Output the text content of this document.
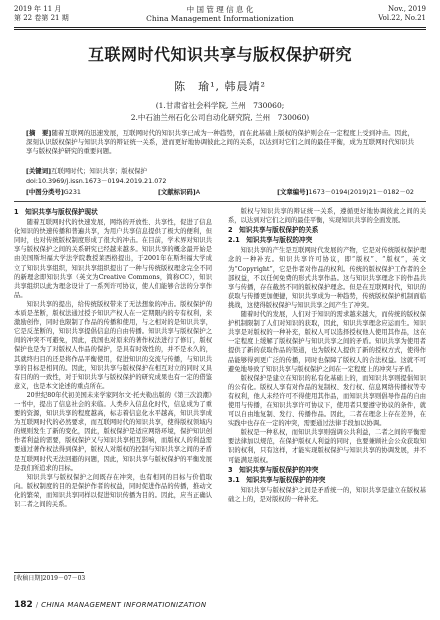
2019 年 11 月
第 22 卷第 21 期
中 国 管 理 信 息 化
China Management Informationization
Nov., 2019
Vol.22, No.21
互联网时代知识共享与版权保护研究
陈　瑜¹, 韩晨靖²
(1.甘肃省社会科学院, 兰州　730060;
2.中石油兰州石化公司自动化研究院, 兰州　730060)
[摘　要]随着互联网的迅速发展，互联网时代的知识共享已成为一种趋势，而在此基础上版权的保护则会在一定程度上受到冲击。因此，深刻认识版权保护与知识共享的辩证统一关系，进而更好地协调彼此之间的关系，以达到对它们之间的最佳平衡，成为互联网时代知识共享与版权保护研究的重要问题。
[关键词]互联网时代；知识共享；版权保护
doi:10.3969/j.issn.1673－0194.2019.21.072
[中图分类号]G231	[文献标识码]A	[文章编号]1673－0194(2019)21－0182－02
1　知识共享与版权保护现状

随着互联网时代的快速发展，网络的开放性、共享性，促进了信息化知识的快速传播和普遍共享，为用户共享信息提供了极大的便利，但同时，也对传统版权制度形成了很大的冲击。在目前，学术界对知识共享与版权保护之间的关系研究已经越来越多。知识共享的概念最开始是由美国斯坦福大学法学院教授莱西格提出，于2001年在斯坦福大学成立了知识共享组织，知识共享组织提出了一种与传统版权理念完全不同的新理念即知识共享（英文为Creative Commons，简称CC），知识共享组织以此为理念设计了一系列许可协议，使人们能够合法的分享作品。

知识共享的提出，给传统版权带来了无法想象的冲击。版权保护的本质是垄断，版权法通过授予知识产权人在一定期限内的专有权利，来激励创作，同时也限制了作品的传播和使用，与之相对的是知识共享，它是反垄断的，知识共享提倡信息的自由传播。知识共享与版权保护之间的冲突不可避免，因此，我国也对原来的著作权法进行了修订，版权保护也是为了对版权人作品的保护，是具有时效性的，并不是永久的，其就终归目的还是将作品平衡使用，促进知识的交流与传播，与知识共享的目标是相同的。因此，知识共享与版权保护在相互对立的同时又具有目的的一致性，对于知识共享与版权保护的研究成果也有一定的借鉴意义，也是本文论述的重点所在。

20世纪80年代初美国未来学家阿尔文·托夫勒出版的《第三次浪潮》一书中，提出了信息社会的来临。人类步入信息化时代，信息成为了重要的资源，知识共享的程度越高，标志着信息化水平越高，知识共享成为互联网时代的必然要求，而互联网时代的知识共享，使得版权领域内的规则发生了新的变化，因此，版权保护是适应网络环境，保护知识创作者利益的需要，版权保护又与知识共享相互影响，而版权人的利益需要通过著作权法得到保护，版权人对版权的控制与知识共享之间的矛盾是互联网时代无法回避的问题，因此，知识共享与版权保护的平衡发展是我们所追求的目标。

知识共享与版权保护之间既存在冲突，也有相同的目标与价值取向。版权制度的目的是保护作者的权益，同时促进作品的传播，推动文化的繁荣，而知识共享同样以促进知识传播为目的。因此，应当正确认识二者之间的关系。

版权与知识共享的辩证统一关系，遵循更好地协调彼此之间的关系，以达到对它们之间的最佳平衡，实现知识共享的全面发展。

2　知识共享与版权保护的关系
2.1　知识共享与版权的冲突

知识共享的产生是互联网时代发展的产物，它是对传统版权保护理念的一种补充。知识共享许可协议，即“版权”、“版权”，英文为“Copyright”，它是作者对作品的权利。传统的版权保护工作者的全部权益，不以任何免费的形式共享作品。这与知识共享理念下的作品共享与传播，存在截然不同的版权保护理念。但是在互联网时代，知识的获取与传播更加便捷，知识共享成为一种趋势，传统版权保护机制面临挑战，这使得版权保护与知识共享之间产生了冲突。

随着时代的发展，人们对于知识的需求越来越大，而传统的版权保护机制限制了人们对知识的获取，因此，知识共享理念应运而生。知识共享是对版权的一种补充，版权人可以选择授权他人使用其作品，这在一定程度上缓解了版权保护与知识共享之间的矛盾。知识共享为使用者提供了新的获取作品的渠道，也为版权人提供了新的授权方式，使得作品能够得到更广泛的传播，同时也保障了版权人的合法权益。这就不可避免地导致了知识共享与版权保护之间在一定程度上的冲突与矛盾。

版权保护是建立在知识的私有化基础上的，而知识共享则提倡知识的公有化。版权人享有对作品的复制权、发行权、信息网络传播权等专有权利，他人未经许可不得使用其作品，而知识共享则倡导作品的自由使用与传播，在知识共享许可协议下，使用者只要遵守协议的条件，就可以自由地复制、发行、传播作品。因此，二者在理念上存在差异，在实践中也存在一定的冲突，需要通过法律手段加以协调。

版权是一种私权，而知识共享则强调公共利益，二者之间的平衡需要法律加以规范，在保护版权人利益的同时，也要兼顾社会公众获取知识的权利，只有这样，才能实现版权保护与知识共享的协调发展，并不可能满足版权。

3　知识共享与版权保护的冲突
3.1　知识共享与版权保护的冲突

知识共享与版权保护之间是矛盾统一的，知识共享是建立在版权基础之上的，是对版权的一种补充。

[收稿日期]2019－07－03
182 / CHINA MANAGEMENT INFORMATIONIZATION
